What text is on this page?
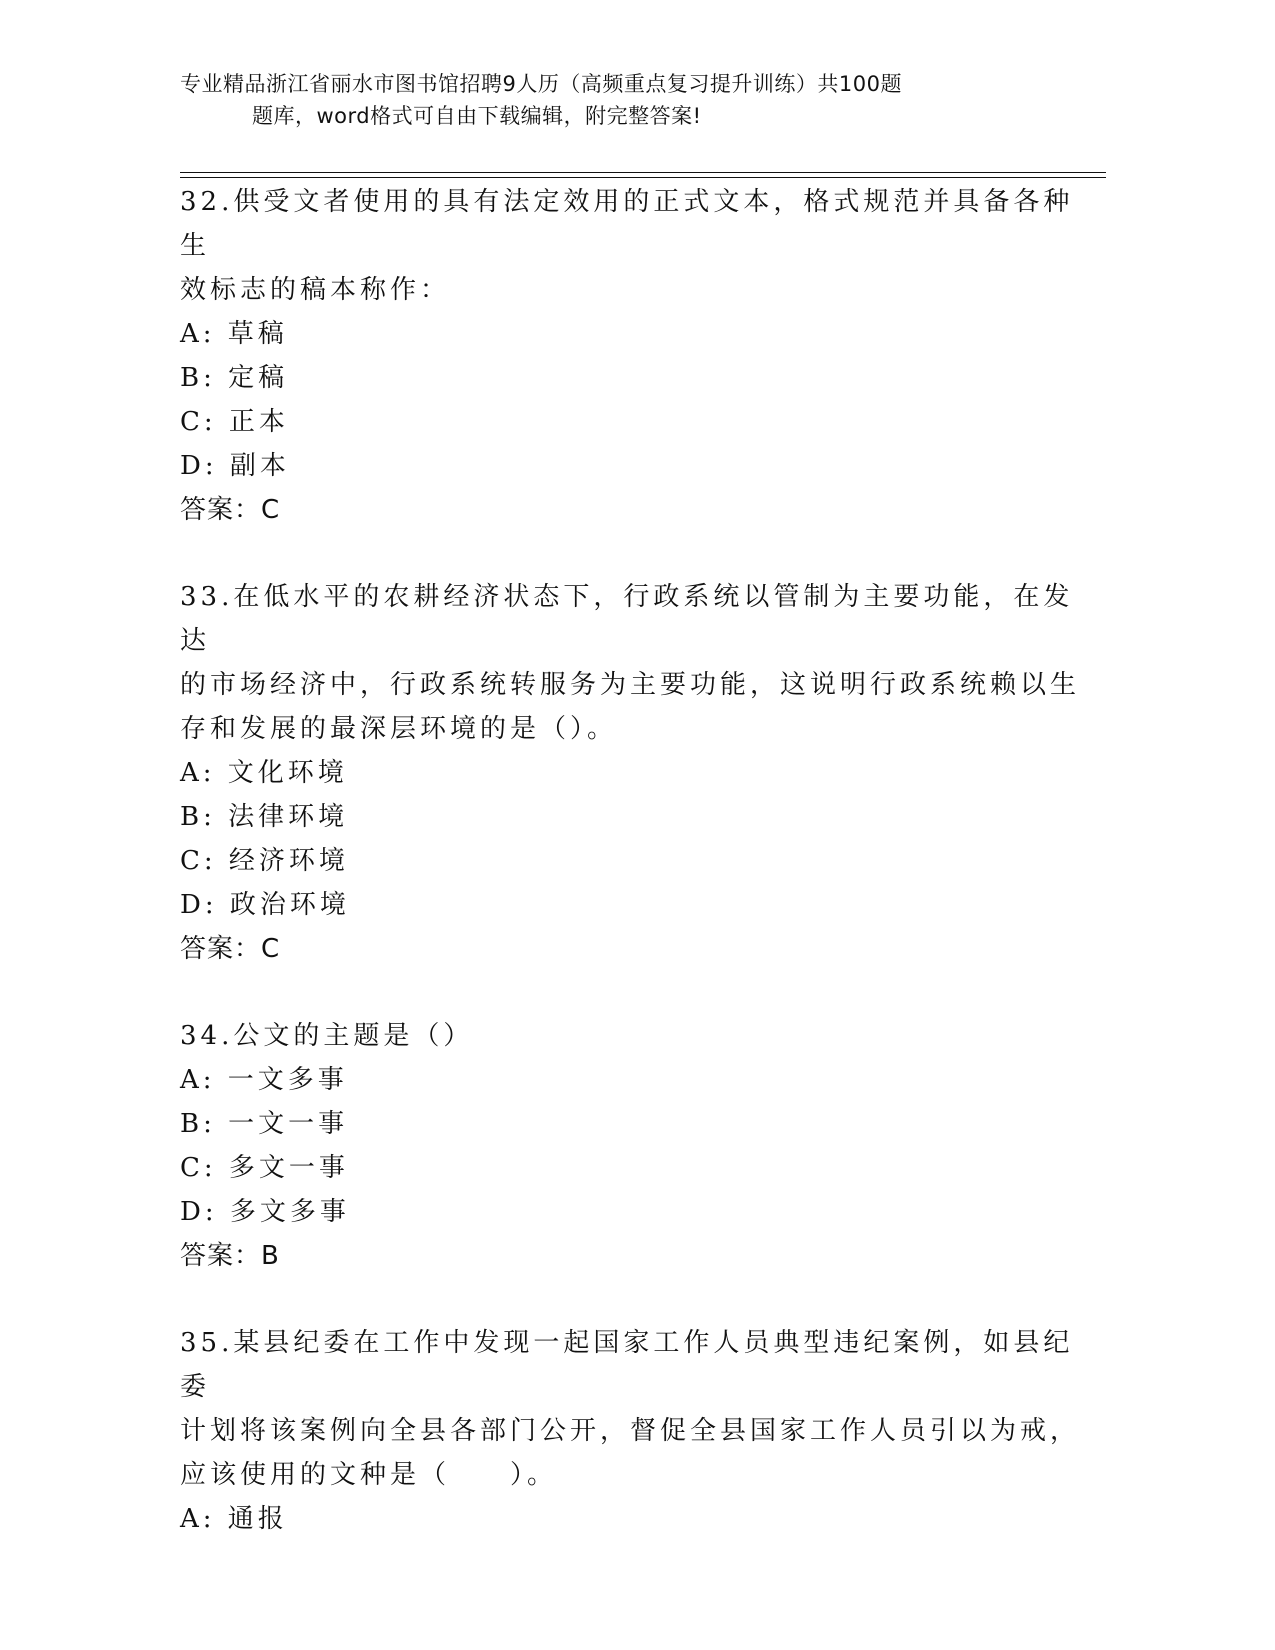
专业精品浙江省丽水市图书馆招聘9人历（高频重点复习提升训练）共100题
题库，word格式可自由下载编辑，附完整答案!

32.供受文者使用的具有法定效用的正式文本，格式规范并具备各种生

效标志的稿本称作：

A: 草稿

B: 定稿

C: 正本

D: 副本

答案：C

33.在低水平的农耕经济状态下，行政系统以管制为主要功能，在发达

的市场经济中，行政系统转服务为主要功能，这说明行政系统赖以生

存和发展的最深层环境的是（）。

A: 文化环境

B: 法律环境

C: 经济环境

D: 政治环境

答案：C

34.公文的主题是（）

A: 一文多事

B: 一文一事

C: 多文一事

D: 多文多事

答案：B

35.某县纪委在工作中发现一起国家工作人员典型违纪案例，如县纪委

计划将该案例向全县各部门公开，督促全县国家工作人员引以为戒，

应该使用的文种是（　　）。

A: 通报
